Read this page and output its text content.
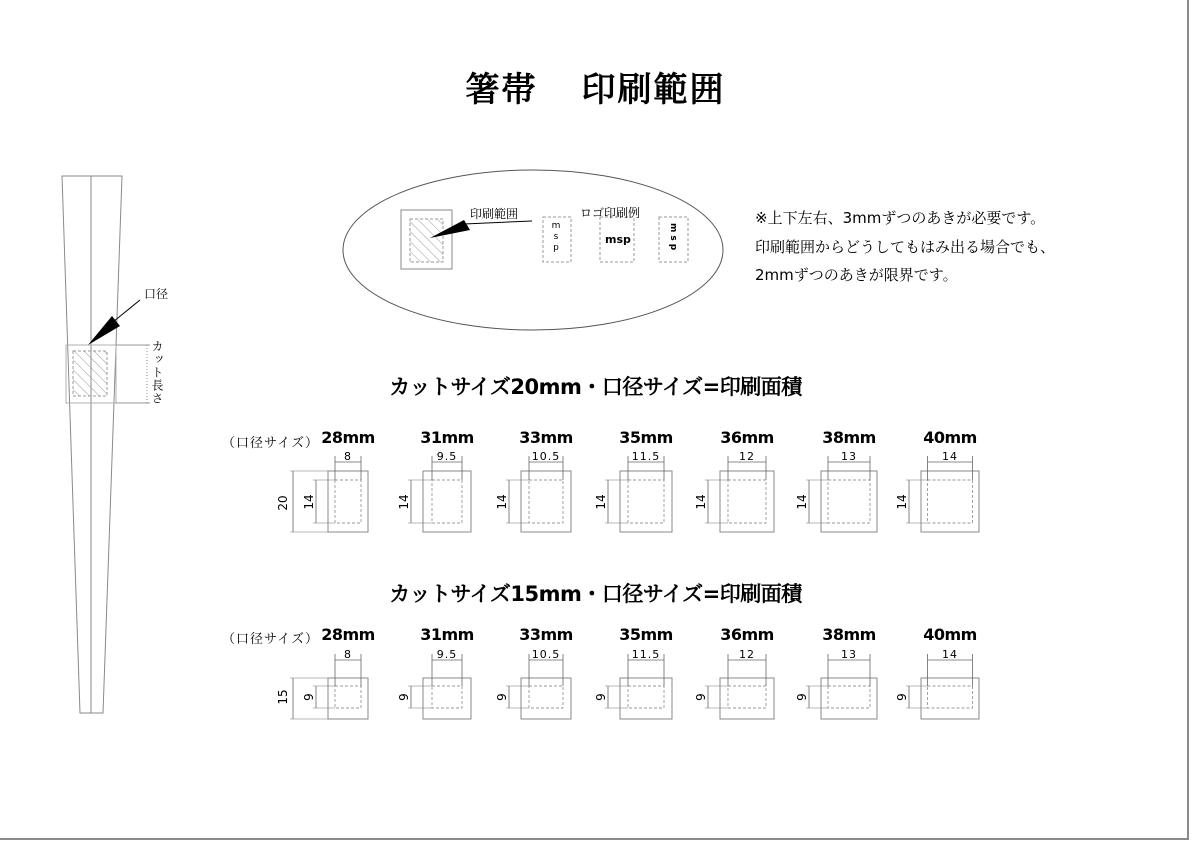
箸帯 印刷範囲
口径
カット長さ
印刷範囲	ロゴ印刷例
msp	msp	msp
※上下左右、3mmずつのあきが必要です。
印刷範囲からどうしてもはみ出る場合でも、
2mmずつのあきが限界です。
カットサイズ20mm・口径サイズ=印刷面積
（口径サイズ）
20
カットサイズ15mm・口径サイズ=印刷面積
（口径サイズ）
15
28mm
8
14
31mm
9.5
14
33mm
10.5
14
35mm
11.5
14
36mm
12
14
38mm
13
14
40mm
14
14
28mm
8
9
31mm
9.5
9
33mm
10.5
9
35mm
11.5
9
36mm
12
9
38mm
13
9
40mm
14
9
